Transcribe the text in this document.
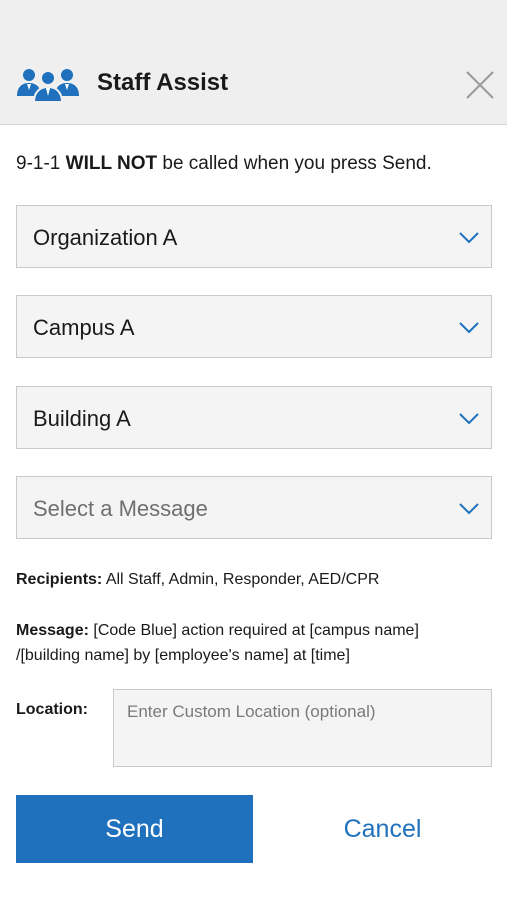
Staff Assist
9-1-1 WILL NOT be called when you press Send.
Organization A
Campus A
Building A
Select a Message
Recipients: All Staff, Admin, Responder, AED/CPR
Message: [Code Blue] action required at [campus name]
/[building name] by [employee's name] at [time]
Location:
Enter Custom Location (optional)
Send	Cancel
